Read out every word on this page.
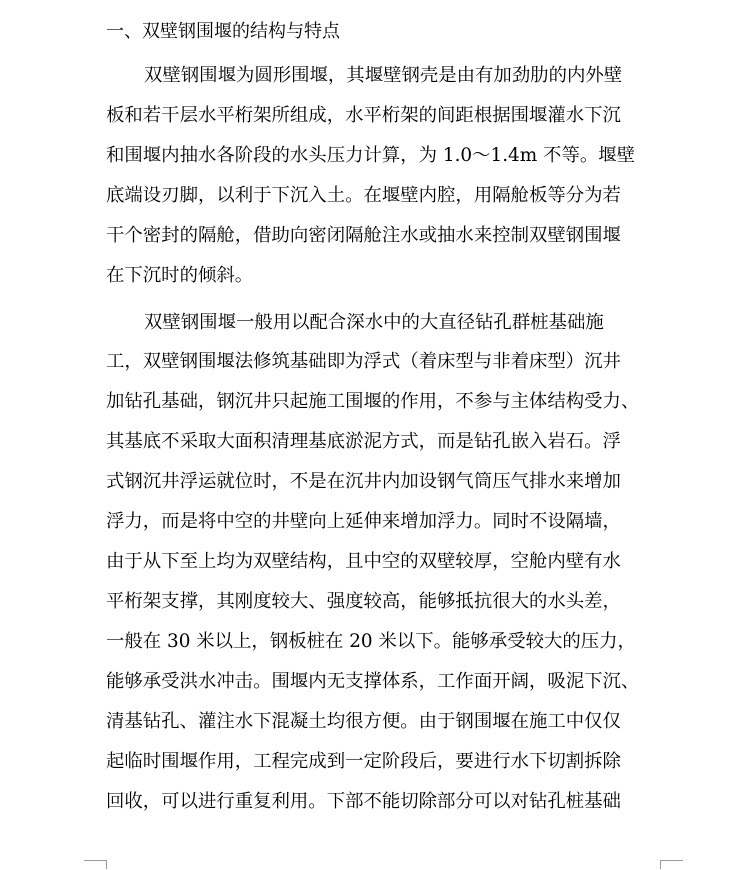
一、双壁钢围堰的结构与特点
双壁钢围堰为圆形围堰，其堰壁钢壳是由有加劲肋的内外壁
板和若干层水平桁架所组成，水平桁架的间距根据围堰灌水下沉
和围堰内抽水各阶段的水头压力计算，为 1.0～1.4m 不等。堰壁
底端设刃脚，以利于下沉入土。在堰壁内腔，用隔舱板等分为若
干个密封的隔舱，借助向密闭隔舱注水或抽水来控制双壁钢围堰
在下沉时的倾斜。
双壁钢围堰一般用以配合深水中的大直径钻孔群桩基础施
工，双壁钢围堰法修筑基础即为浮式（着床型与非着床型）沉井
加钻孔基础，钢沉井只起施工围堰的作用，不参与主体结构受力、
其基底不采取大面积清理基底淤泥方式，而是钻孔嵌入岩石。浮
式钢沉井浮运就位时，不是在沉井内加设钢气筒压气排水来增加
浮力，而是将中空的井壁向上延伸来增加浮力。同时不设隔墙，
由于从下至上均为双壁结构，且中空的双壁较厚，空舱内壁有水
平桁架支撑，其刚度较大、强度较高，能够抵抗很大的水头差，
一般在 30 米以上，钢板桩在 20 米以下。能够承受较大的压力，
能够承受洪水冲击。围堰内无支撑体系，工作面开阔，吸泥下沉、
清基钻孔、灌注水下混凝土均很方便。由于钢围堰在施工中仅仅
起临时围堰作用，工程完成到一定阶段后，要进行水下切割拆除
回收，可以进行重复利用。下部不能切除部分可以对钻孔桩基础
